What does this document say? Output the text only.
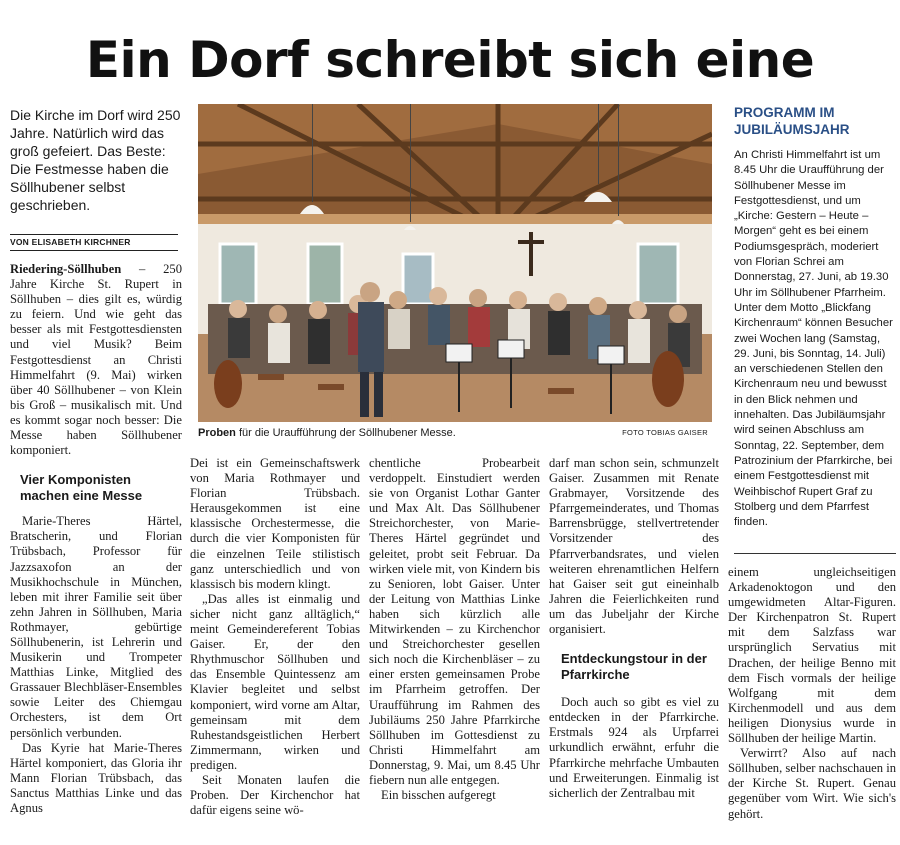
Ein Dorf schreibt sich eine

Die Kirche im Dorf wird 250 Jahre. Natürlich wird das groß gefeiert. Das Beste: Die Festmesse haben die Söllhubener selbst geschrieben.

VON ELISABETH KIRCHNER

Riedering-Söllhuben – 250 Jahre Kirche St. Rupert in Söllhuben – dies gilt es, würdig zu feiern. Und wie geht das besser als mit Festgottesdiensten und viel Musik? Beim Festgottesdienst an Christi Himmelfahrt (9. Mai) wirken über 40 Söllhubener – von Klein bis Groß – musikalisch mit. Und es kommt sogar noch besser: Die Messe haben Söllhubener komponiert.

Vier Komponisten machen eine Messe

Marie-Theres Härtel, Bratscherin, und Florian Trübsbach, Professor für Jazzsaxofon an der Musikhochschule in München, leben mit ihrer Familie seit über zehn Jahren in Söllhuben, Maria Rothmayer, gebürtige Söllhubenerin, ist Lehrerin und Musikerin und Trompeter Matthias Linke, Mitglied des Grassauer Blechbläser-Ensembles sowie Leiter des Chiemgau Orchesters, ist dem Ort persönlich verbunden.

Das Kyrie hat Marie-Theres Härtel komponiert, das Gloria ihr Mann Florian Trübsbach, das Sanctus Matthias Linke und das Agnus

Dei ist ein Gemeinschaftswerk von Maria Rothmayer und Florian Trübsbach. Herausgekommen ist eine klassische Orchestermesse, die durch die vier Komponisten für die einzelnen Teile stilistisch ganz unterschiedlich und von klassisch bis modern klingt.

„Das alles ist einmalig und sicher nicht ganz alltäglich,“ meint Gemeindereferent Tobias Gaiser. Er, der den Rhythmuschor Söllhuben und das Ensemble Quintessenz am Klavier begleitet und selbst komponiert, wird vorne am Altar, gemeinsam mit dem Ruhestandsgeistlichen Herbert Zimmermann, wirken und predigen.

Seit Monaten laufen die Proben. Der Kirchenchor hat dafür eigens seine wö-

chentliche Probearbeit verdoppelt. Einstudiert werden sie von Organist Lothar Ganter und Max Alt. Das Söllhubener Streichorchester, von Marie-Theres Härtel gegründet und geleitet, probt seit Februar. Da wirken viele mit, von Kindern bis zu Senioren, lobt Gaiser. Unter der Leitung von Matthias Linke haben sich kürzlich alle Mitwirkenden – zu Kirchenchor und Streichorchester gesellen sich noch die Kirchenbläser – zu einer ersten gemeinsamen Probe im Pfarrheim getroffen. Der Uraufführung im Rahmen des Jubiläums 250 Jahre Pfarrkirche Söllhuben im Gottesdienst zu Christi Himmelfahrt am Donnerstag, 9. Mai, um 8.45 Uhr fiebern nun alle entgegen.

Ein bisschen aufgeregt

darf man schon sein, schmunzelt Gaiser. Zusammen mit Renate Grabmayer, Vorsitzende des Pfarrgemeinderates, und Thomas Barrensbrügge, stellvertretender Vorsitzender des Pfarrverbandsrates, und vielen weiteren ehrenamtlichen Helfern hat Gaiser seit gut eineinhalb Jahren die Feierlichkeiten rund um das Jubeljahr der Kirche organisiert.

Entdeckungstour in der Pfarrkirche

Doch auch so gibt es viel zu entdecken in der Pfarrkirche. Erstmals 924 als Urpfarrei urkundlich erwähnt, erfuhr die Pfarrkirche mehrfache Umbauten und Erweiterungen. Einmalig ist sicherlich der Zentralbau mit

einem ungleichseitigen Arkadenoktogon und den umgewidmeten Altar-Figuren. Der Kirchenpatron St. Rupert mit dem Salzfass war ursprünglich Servatius mit Drachen, der heilige Benno mit dem Fisch vormals der heilige Wolfgang mit dem Kirchenmodell und aus dem heiligen Dionysius wurde in Söllhuben der heilige Martin.

Verwirrt? Also auf nach Söllhuben, selber nachschauen in der Kirche St. Rupert. Genau gegenüber vom Wirt. Wie sich's gehört.

Proben für die Uraufführung der Söllhubener Messe.	FOTO TOBIAS GAISER
PROGRAMM IM JUBILÄUMSJAHR

An Christi Himmelfahrt ist um 8.45 Uhr die Uraufführung der Söllhubener Messe im Festgottesdienst, und um „Kirche: Gestern – Heute – Morgen“ geht es bei einem Podiumsgespräch, moderiert von Florian Schrei am Donnerstag, 27. Juni, ab 19.30 Uhr im Söllhubener Pfarrheim. Unter dem Motto „Blickfang Kirchenraum“ können Besucher zwei Wochen lang (Samstag, 29. Juni, bis Sonntag, 14. Juli) an verschiedenen Stellen den Kirchenraum neu und bewusst in den Blick nehmen und innehalten. Das Jubiläumsjahr wird seinen Abschluss am Sonntag, 22. September, dem Patrozinium der Pfarrkirche, bei einem Festgottesdienst mit Weihbischof Rupert Graf zu Stolberg und dem Pfarrfest finden.
